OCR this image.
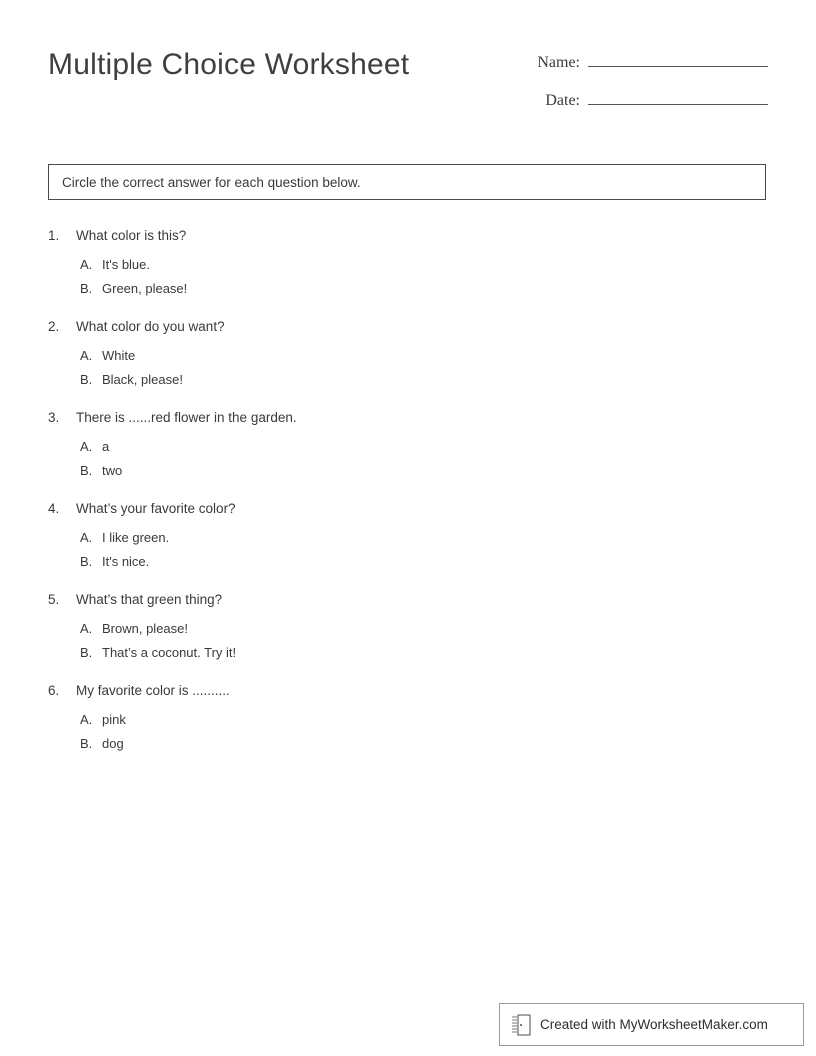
Multiple Choice Worksheet	Name:
Date:
Circle the correct answer for each question below.
1.	What color is this?
A. It's blue.
B. Green, please!
2.	What color do you want?
A. White
B. Black, please!
3.	There is ......red flower in the garden.
A. a
B. two
4.	What’s your favorite color?
A. I like green.
B. It's nice.
5.	What’s that green thing?
A. Brown, please!
B. That’s a coconut. Try it!
6.	My favorite color is ..........
A. pink
B. dog
Created with MyWorksheetMaker.com
